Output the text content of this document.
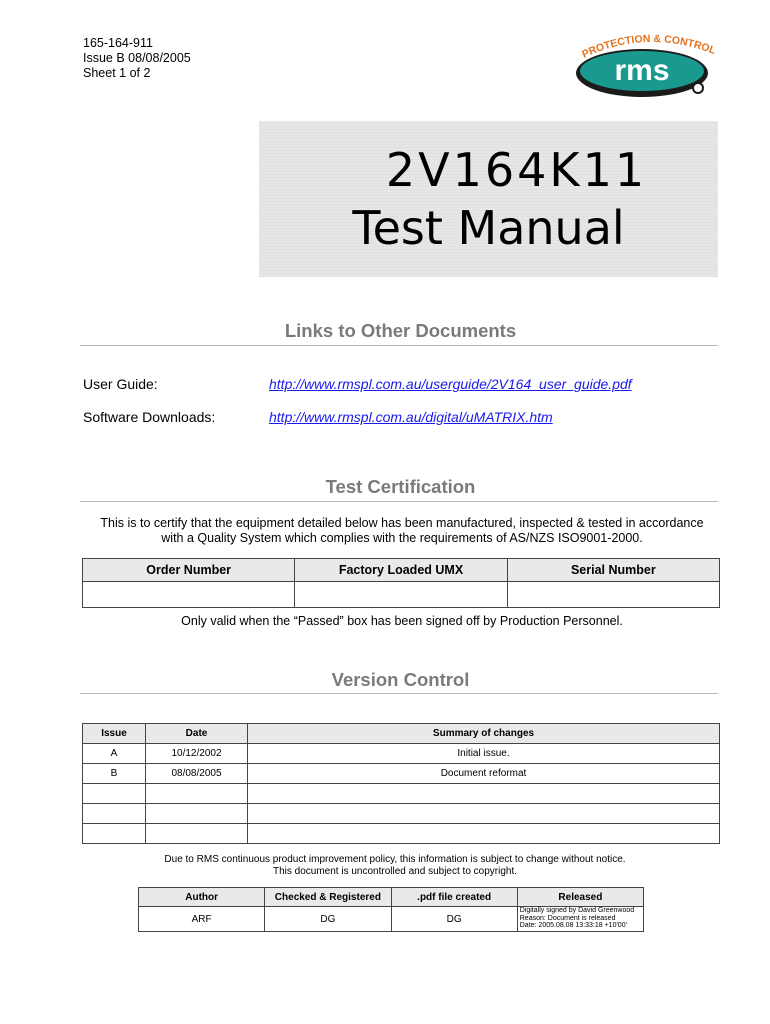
165-164-911
Issue B 08/08/2005
Sheet 1 of 2
PROTECTION & CONTROL
rms
2V164K11
Test Manual
Links to Other Documents
User Guide:	http://www.rmspl.com.au/userguide/2V164_user_guide.pdf
Software Downloads:	http://www.rmspl.com.au/digital/uMATRIX.htm
Test Certification
This is to certify that the equipment detailed below has been manufactured, inspected & tested in accordance
with a Quality System which complies with the requirements of AS/NZS ISO9001-2000.
Order Number	Factory Loaded UMX	Serial Number

Only valid when the “Passed” box has been signed off by Production Personnel.
Version Control
Issue	Date	Summary of changes
A	10/12/2002	Initial issue.
B	08/08/2005	Document reformat

Due to RMS continuous product improvement policy, this information is subject to change without notice.
This document is uncontrolled and subject to copyright.
Author	Checked & Registered	.pdf file created	Released
ARF	DG	DG	Digitally signed by David Greenwood
Reason: Document is released
Date: 2005.08.08 13:33:18 +10'00'
